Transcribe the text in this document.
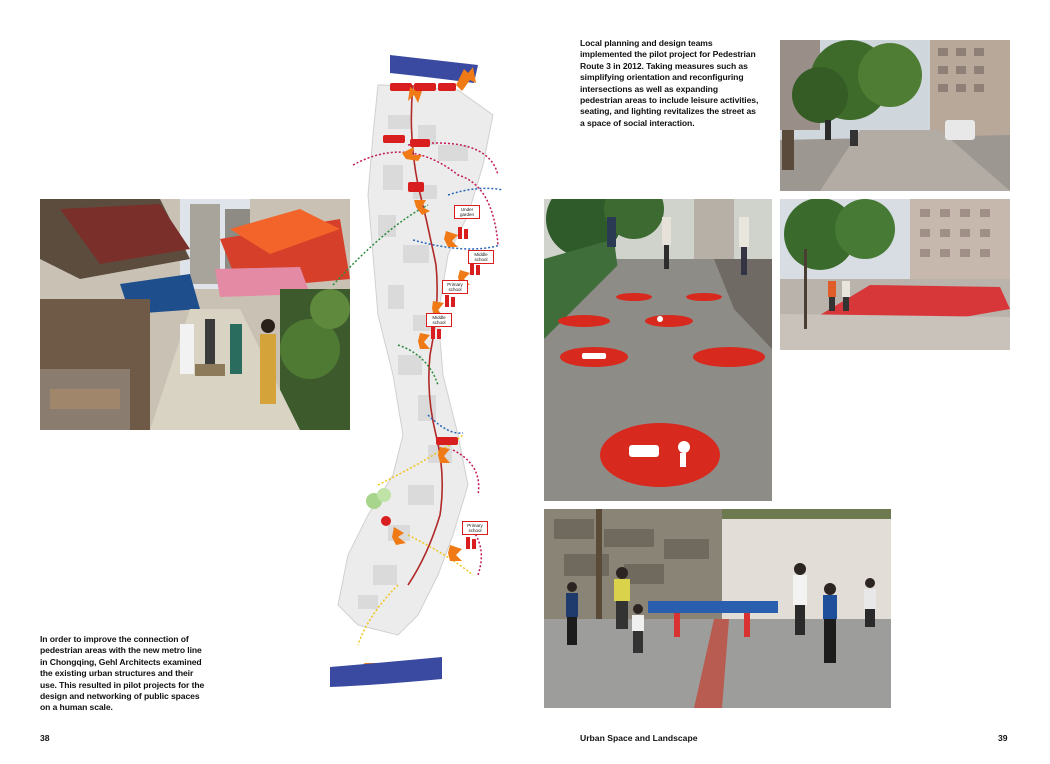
In order to improve the connection of pedestrian areas with the new metro line in Chongqing, Gehl Architects examined the existing urban structures and their use. This resulted in pilot projects for the design and networking of public spaces on a human scale.

38
Under garden
Middle school
Primary school
Middle school
Primary school

Local planning and design teams implemented the pilot project for Pedestrian Route 3 in 2012. Taking measures such as simplifying orientation and reconfiguring intersections as well as expanding pedestrian areas to include leisure activities, seating, and lighting revitalizes the street as a space of social interaction.

Urban Space and Landscape	39
